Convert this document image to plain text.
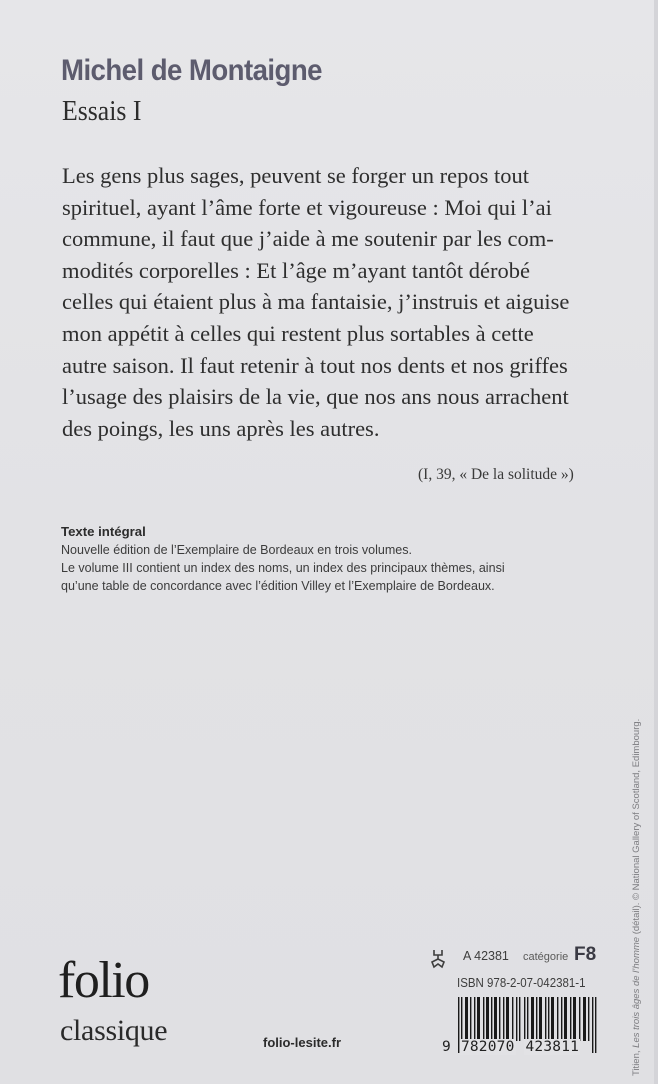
Michel de Montaigne
Essais I
Les gens plus sages, peuvent se forger un repos tout
spirituel, ayant l’âme forte et vigoureuse : Moi qui l’ai
commune, il faut que j’aide à me soutenir par les com-
modités corporelles : Et l’âge m’ayant tantôt dérobé
celles qui étaient plus à ma fantaisie, j’instruis et aiguise
mon appétit à celles qui restent plus sortables à cette
autre saison. Il faut retenir à tout nos dents et nos griffes
l’usage des plaisirs de la vie, que nos ans nous arrachent
des poings, les uns après les autres.
(I, 39, « De la solitude »)
Texte intégral
Nouvelle édition de l’Exemplaire de Bordeaux en trois volumes.
Le volume III contient un index des noms, un index des principaux thèmes, ainsi
qu’une table de concordance avec l’édition Villey et l’Exemplaire de Bordeaux.
Titien, Les trois âges de l’homme (détail). © National Gallery of Scotland, Edimbourg.
folio
classique	folio-lesite.fr
A 42381 catégorie F8
ISBN 978-2-07-042381-1
9 782070 423811
